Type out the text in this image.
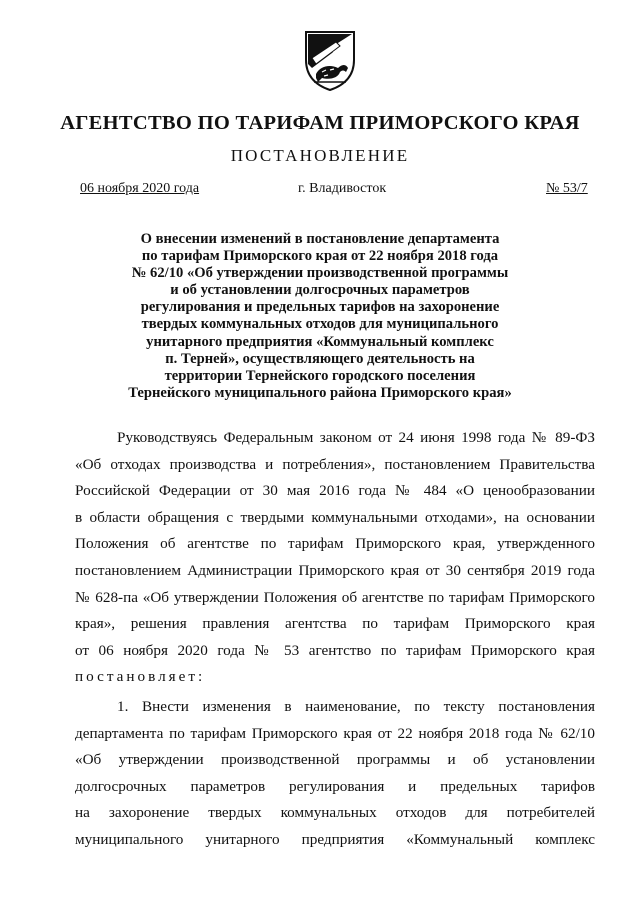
АГЕНТСТВО ПО ТАРИФАМ ПРИМОРСКОГО КРАЯ
ПОСТАНОВЛЕНИЕ
06 ноября 2020 года	г. Владивосток	№ 53/7
О внесении изменений в постановление департамента
по тарифам Приморского края от 22 ноября 2018 года
№ 62/10 «Об утверждении производственной программы
и об установлении долгосрочных параметров
регулирования и предельных тарифов на захоронение
твердых коммунальных отходов для муниципального
унитарного предприятия «Коммунальный комплекс
п. Терней», осуществляющего деятельность на
территории Тернейского городского поселения
Тернейского муниципального района Приморского края»
Руководствуясь Федеральным законом от 24 июня 1998 года № 89-ФЗ
«Об отходах производства и потребления», постановлением Правительства
Российской Федерации от 30 мая 2016 года № 484 «О ценообразовании
в области обращения с твердыми коммунальными отходами», на основании
Положения об агентстве по тарифам Приморского края, утвержденного
постановлением Администрации Приморского края от 30 сентября 2019 года
№ 628-па «Об утверждении Положения об агентстве по тарифам Приморского
края», решения правления агентства по тарифам Приморского края
от 06 ноября 2020 года № 53 агентство по тарифам Приморского края
постановляет:
1. Внести изменения в наименование, по тексту постановления
департамента по тарифам Приморского края от 22 ноября 2018 года № 62/10
«Об утверждении производственной программы и об установлении
долгосрочных параметров регулирования и предельных тарифов
на захоронение твердых коммунальных отходов для потребителей
муниципального унитарного предприятия «Коммунальный комплекс
